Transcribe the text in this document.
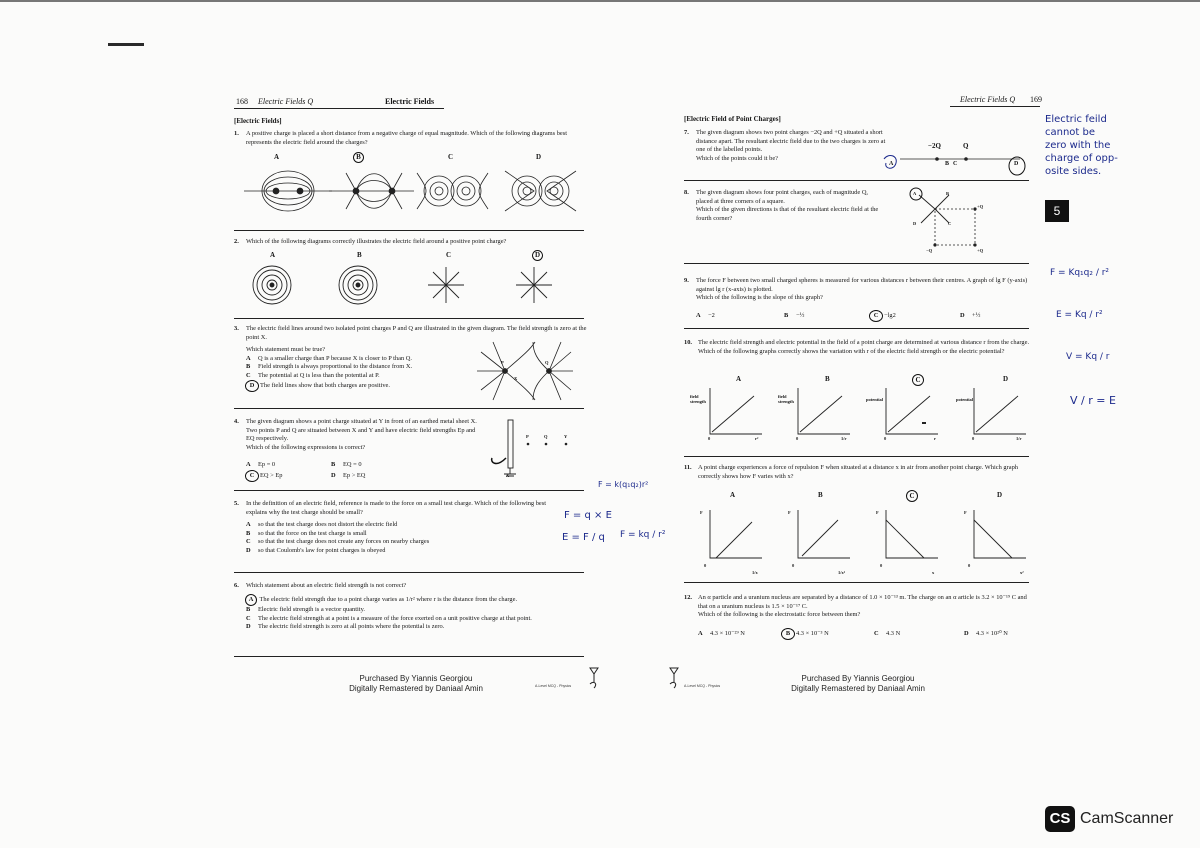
168 Electric Fields Q	Electric Fields
[Electric Fields]
1. A positive charge is placed a short distance from a negative charge of equal magnitude. Which of the following diagrams best represents the electric field around the charges?
A	B	C	D
2. Which of the following diagrams correctly illustrates the electric field around a positive point charge?
A	B	C	D
3. The electric field lines around two isolated point charges P and Q are illustrated in the given diagram. The field strength is zero at the point X.
Which statement must be true?
A Q is a smaller charge than P because X is closer to P than Q.
B Field strength is always proportional to the distance from X.
C The potential at Q is less than the potential at P.
D The field lines show that both charges are positive.
P
X
Q
4. The given diagram shows a point charge situated at Y in front of an earthed metal sheet X. Two points P and Q are situated between X and Y and have electric field strengths Ep and EQ respectively.
Which of the following expressions is correct?
A Ep = 0	B EQ = 0
C EQ > Ep	D Ep > EQ
P	Q	Y
X
5. In the definition of an electric field, reference is made to the force on a small test charge. Which of the following best explains why the test charge should be small?
A so that the test charge does not distort the electric field
B so that the force on the test charge is small
C so that the test charge does not create any forces on nearby charges
D so that Coulomb's law for point charges is obeyed
6. Which statement about an electric field strength is not correct?
A The electric field strength due to a point charge varies as 1/r² where r is the distance from the charge.
B Electric field strength is a vector quantity.
C The electric field strength at a point is a measure of the force exerted on a unit positive charge at that point.
D The electric field strength is zero at all points where the potential is zero.
Purchased By Yiannis Georgiou
Digitally Remastered by Daniaal Amin	A-Level MCQ - Physics
Electric Fields Q 169
[Electric Field of Point Charges]
7. The given diagram shows two point charges −2Q and +Q situated a short distance apart. The resultant electric field due to the two charges is zero at one of the labelled points.
Which of the points could it be?
−2Q	Q
A	B C	D
8. The given diagram shows four point charges, each of magnitude Q, placed at three corners of a square.
Which of the given directions is that of the resultant electric field at the fourth corner?
A	B
C
D
+Q
−Q	+Q
9. The force F between two small charged spheres is measured for various distances r between their centres. A graph of lg F (y-axis) against lg r (x-axis) is plotted.
Which of the following is the slope of this graph?
A −2	B −½	C −lg2	D +½
10. The electric field strength and electric potential in the field of a point charge are determined at various distance r from the charge. Which of the following graphs correctly shows the variation with r of the electric field strength or the electric potential?
A	B	C	D
field strength
field strength	potential	potential
0	0	0	0
r²	1/r	r	1/r
11. A point charge experiences a force of repulsion F when situated at a distance x in air from another point charge. Which graph correctly shows how F varies with x?
A	B	C	D
F	F	F	F
0	0	0	0
1/x	1/x²	x	x²
12. An α particle and a uranium nucleus are separated by a distance of 1.0 × 10⁻¹³ m. The charge on an α article is 3.2 × 10⁻¹⁹ C and that on a uranium nucleus is 1.5 × 10⁻¹⁷ C.
Which of the following is the electrostatic force between them?
A 4.3 × 10⁻²⁹ N	B 4.3 × 10⁻³ N	C 4.3 N	D 4.3 × 10²⁰ N
A-Level MCQ - Physics
Purchased By Yiannis Georgiou
Digitally Remastered by Daniaal Amin
Electric feild
cannot be
zero with the
charge of opp-
osite sides.
5
F = Kq₁q₂ / r²
E = Kq / r²
V = Kq / r
V / r = E
F = k(q₁q₂)r²
F = q × E
E = F / q F = kq / r²
CS CamScanner
